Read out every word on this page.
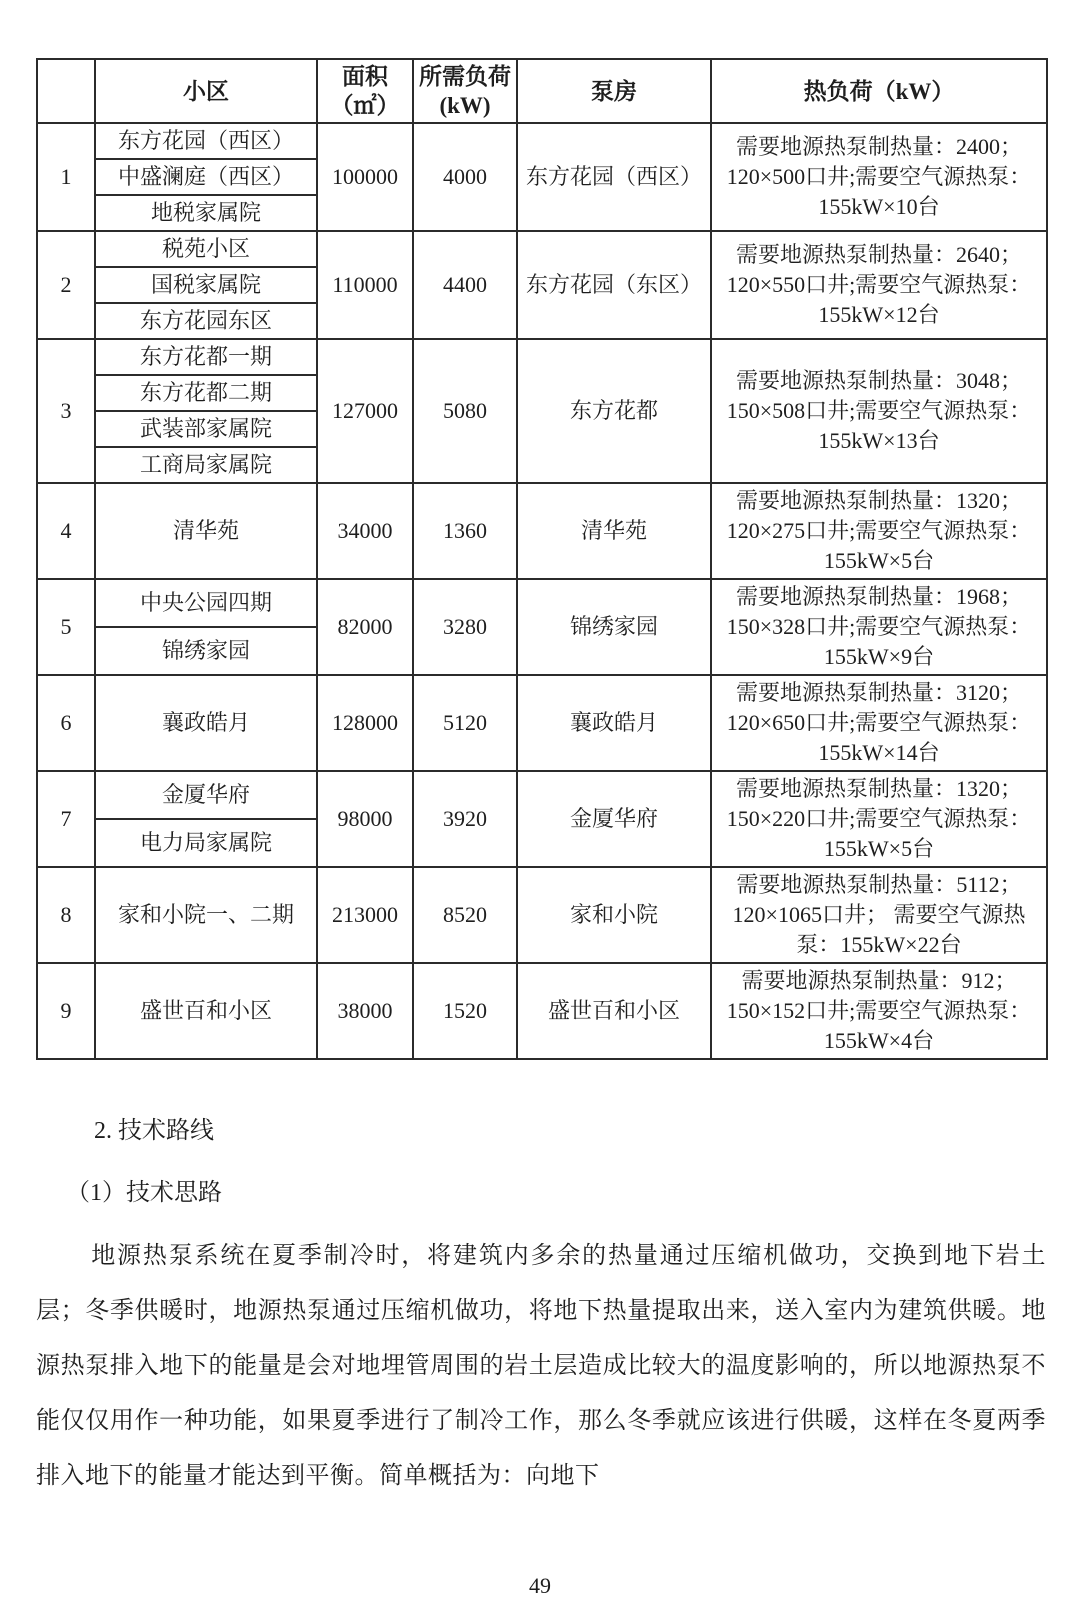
	小区	面积（㎡）	所需负荷(kW)	泵房	热负荷（kW）
1	东方花园（西区）	100000	4000	东方花园（西区）	需要地源热泵制热量：2400；120×500口井;需要空气源热泵：155kW×10台
	中盛澜庭（西区）				
	地税家属院				
2	税苑小区	110000	4400	东方花园（东区）	需要地源热泵制热量：2640；120×550口井;需要空气源热泵：155kW×12台
	国税家属院				
	东方花园东区				
3	东方花都一期	127000	5080	东方花都	需要地源热泵制热量：3048；150×508口井;需要空气源热泵：155kW×13台
	东方花都二期				
	武装部家属院				
	工商局家属院				
4	清华苑	34000	1360	清华苑	需要地源热泵制热量：1320；120×275口井;需要空气源热泵：155kW×5台
5	中央公园四期	82000	3280	锦绣家园	需要地源热泵制热量：1968；150×328口井;需要空气源热泵：155kW×9台
	锦绣家园				
6	襄政皓月	128000	5120	襄政皓月	需要地源热泵制热量：3120；120×650口井;需要空气源热泵：155kW×14台
7	金厦华府	98000	3920	金厦华府	需要地源热泵制热量：1320；150×220口井;需要空气源热泵：155kW×5台
	电力局家属院				
8	家和小院一、二期	213000	8520	家和小院	需要地源热泵制热量：5112；120×1065口井； 需要空气源热泵：155kW×22台
9	盛世百和小区	38000	1520	盛世百和小区	需要地源热泵制热量：912；150×152口井;需要空气源热泵：155kW×4台
2. 技术路线
（1）技术思路

地源热泵系统在夏季制冷时，将建筑内多余的热量通过压缩机做功，交换到地下岩土层；冬季供暖时，地源热泵通过压缩机做功，将地下热量提取出来，送入室内为建筑供暖。地源热泵排入地下的能量是会对地埋管周围的岩土层造成比较大的温度影响的，所以地源热泵不能仅仅用作一种功能，如果夏季进行了制冷工作，那么冬季就应该进行供暖，这样在冬夏两季排入地下的能量才能达到平衡。简单概括为：向地下

49
